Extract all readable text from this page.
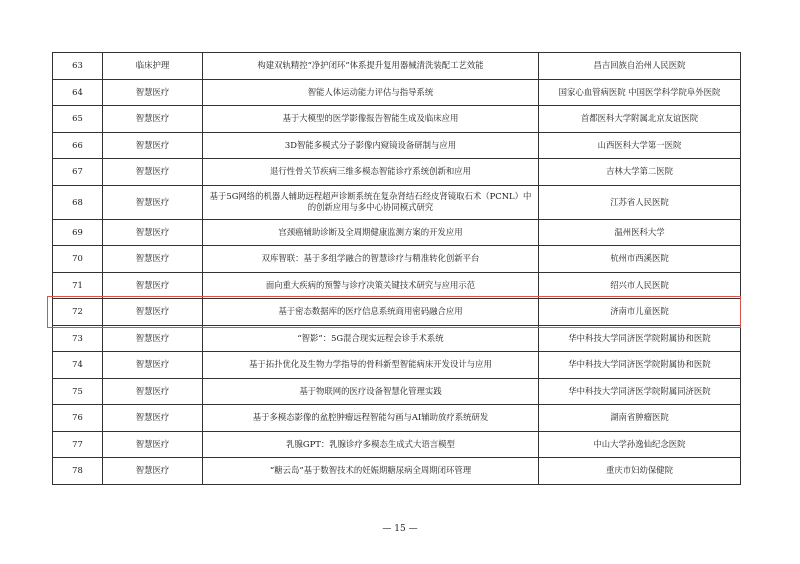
63	临床护理	构建双轨精控“净护闭环”体系提升复用器械清洗装配工艺效能	昌吉回族自治州人民医院
64	智慧医疗	智能人体运动能力评估与指导系统	国家心血管病医院 中国医学科学院阜外医院
65	智慧医疗	基于大模型的医学影像报告智能生成及临床应用	首都医科大学附属北京友谊医院
66	智慧医疗	3D智能多模式分子影像内窥镜设备研制与应用	山西医科大学第一医院
67	智慧医疗	退行性骨关节疾病三维多模态智能诊疗系统创新和应用	吉林大学第二医院
68	智慧医疗	基于5G网络的机器人辅助远程超声诊断系统在复杂肾结石经皮肾镜取石术（PCNL）中的创新应用与多中心协同模式研究	江苏省人民医院
69	智慧医疗	宫颈癌辅助诊断及全周期健康监测方案的开发应用	温州医科大学
70	智慧医疗	双库智联：基于多组学融合的智慧诊疗与精准转化创新平台	杭州市西溪医院
71	智慧医疗	面向重大疾病的预警与诊疗决策关键技术研究与应用示范	绍兴市人民医院
72	智慧医疗	基于密态数据库的医疗信息系统商用密码融合应用	济南市儿童医院
73	智慧医疗	“智影”：5G混合现实远程会诊手术系统	华中科技大学同济医学院附属协和医院
74	智慧医疗	基于拓扑优化及生物力学指导的骨科新型智能病床开发设计与应用	华中科技大学同济医学院附属协和医院
75	智慧医疗	基于物联网的医疗设备智慧化管理实践	华中科技大学同济医学院附属同济医院
76	智慧医疗	基于多模态影像的盆腔肿瘤远程智能勾画与AI辅助放疗系统研发	湖南省肿瘤医院
77	智慧医疗	乳腺GPT：乳腺诊疗多模态生成式大语言模型	中山大学孙逸仙纪念医院
78	智慧医疗	“糖云岛”基于数智技术的妊娠期糖尿病全周期闭环管理	重庆市妇幼保健院
— 15 —
